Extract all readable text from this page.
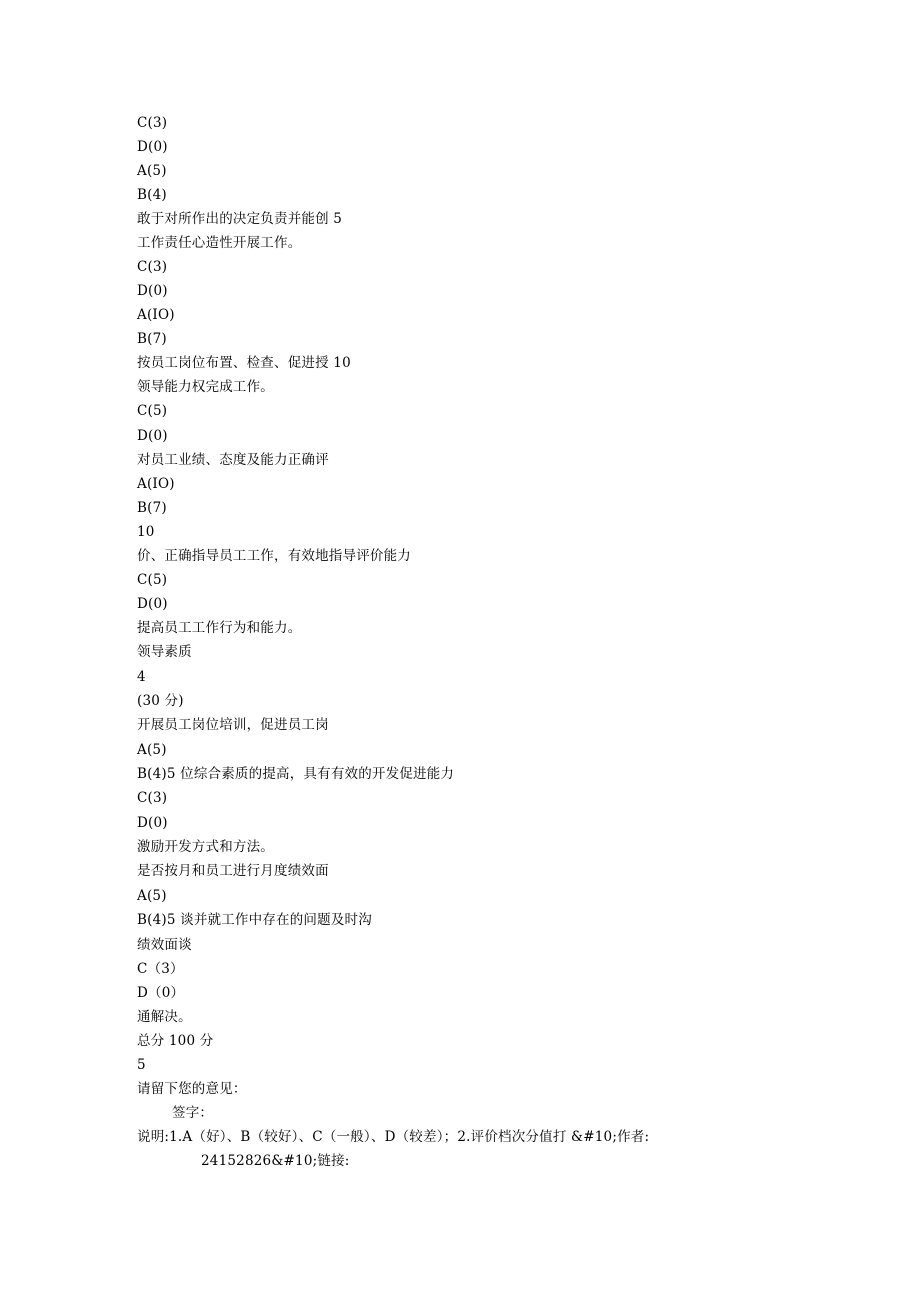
C(3)
D(0)
A(5)
B(4)
敢于对所作出的决定负责并能创 5
工作责任心造性开展工作。
C(3)
D(0)
A(IO)
B(7)
按员工岗位布置、检查、促进授 10
领导能力权完成工作。
C(5)
D(0)
对员工业绩、态度及能力正确评
A(IO)
B(7)
10
价、正确指导员工工作，有效地指导评价能力
C(5)
D(0)
提高员工工作行为和能力。
领导素质
4
(30 分)
开展员工岗位培训，促进员工岗
A(5)
B(4)5 位综合素质的提高，具有有效的开发促进能力
C(3)
D(0)
激励开发方式和方法。
是否按月和员工进行月度绩效面
A(5)
B(4)5 谈并就工作中存在的问题及时沟
绩效面谈
C（3）
D（0）
通解决。
总分 100 分
5
请留下您的意见：
签字：
说明:1.A（好）、B（较好）、C（一般）、D（较差）；2.评价档次分值打 &#10;作者:
24152826&#10;链接:
